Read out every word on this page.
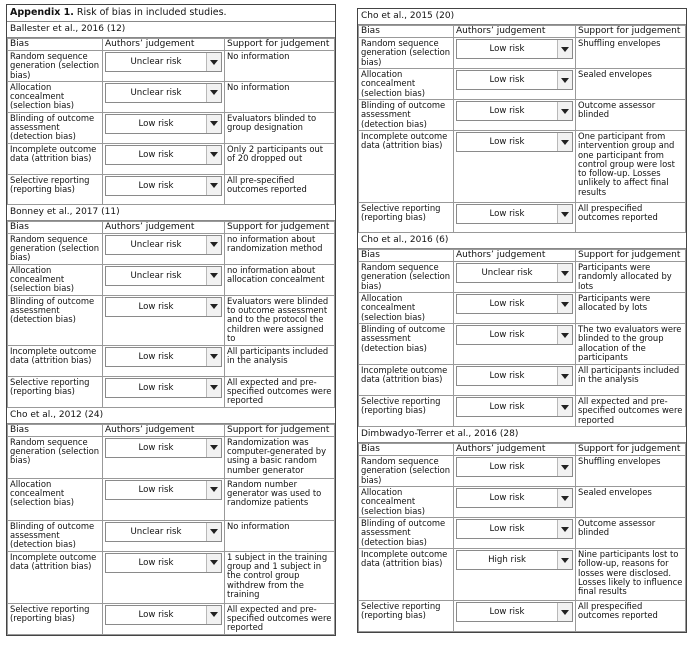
Appendix 1. Risk of bias in included studies.
Ballester et al., 2016 (12)
Bias	Authors’ judgement	Support for judgement
Random sequence generation (selection bias)	Unclear risk	No information
Allocation concealment (selection bias)	Unclear risk	No information
Blinding of outcome assessment (detection bias)	Low risk	Evaluators blinded to group designation
Incomplete outcome data (attrition bias)	Low risk	Only 2 participants out of 20 dropped out
Selective reporting (reporting bias)	Low risk	All pre-specified outcomes reported
Bonney et al., 2017 (11)
Bias	Authors’ judgement	Support for judgement
Random sequence generation (selection bias)	Unclear risk	no information about randomization method
Allocation concealment (selection bias)	Unclear risk	no information about allocation concealment
Blinding of outcome assessment (detection bias)	Low risk	Evaluators were blinded to outcome assessment and to the protocol the children were assigned to
Incomplete outcome data (attrition bias)	Low risk	All participants included in the analysis
Selective reporting (reporting bias)	Low risk	All expected and pre-specified outcomes were reported
Cho et al., 2012 (24)
Bias	Authors’ judgement	Support for judgement
Random sequence generation (selection bias)	Low risk	Randomization was computer-generated by using a basic random number generator
Allocation concealment (selection bias)	Low risk	Random number generator was used to randomize patients
Blinding of outcome assessment (detection bias)	Unclear risk	No information
Incomplete outcome data (attrition bias)	Low risk	1 subject in the training group and 1 subject in the control group withdrew from the training
Selective reporting (reporting bias)	Low risk	All expected and pre-specified outcomes were reported
Cho et al., 2015 (20)
Bias	Authors’ judgement	Support for judgement
Random sequence generation (selection bias)	Low risk	Shuffling envelopes
Allocation concealment (selection bias)	Low risk	Sealed envelopes
Blinding of outcome assessment (detection bias)	Low risk	Outcome assessor blinded
Incomplete outcome data (attrition bias)	Low risk	One participant from intervention group and one participant from control group were lost to follow-up. Losses unlikely to affect final results
Selective reporting (reporting bias)	Low risk	All prespecified outcomes reported
Cho et al., 2016 (6)
Bias	Authors’ judgement	Support for judgement
Random sequence generation (selection bias)	Unclear risk	Participants were randomly allocated by lots
Allocation concealment (selection bias)	Low risk	Participants were allocated by lots
Blinding of outcome assessment (detection bias)	Low risk	The two evaluators were blinded to the group allocation of the participants
Incomplete outcome data (attrition bias)	Low risk	All participants included in the analysis
Selective reporting (reporting bias)	Low risk	All expected and pre-specified outcomes were reported
Dimbwadyo-Terrer et al., 2016 (28)
Bias	Authors’ judgement	Support for judgement
Random sequence generation (selection bias)	Low risk	Shuffling envelopes
Allocation concealment (selection bias)	Low risk	Sealed envelopes
Blinding of outcome assessment (detection bias)	Low risk	Outcome assessor blinded
Incomplete outcome data (attrition bias)	High risk	Nine participants lost to follow-up, reasons for losses were disclosed. Losses likely to influence final results
Selective reporting (reporting bias)	Low risk	All prespecified outcomes reported
